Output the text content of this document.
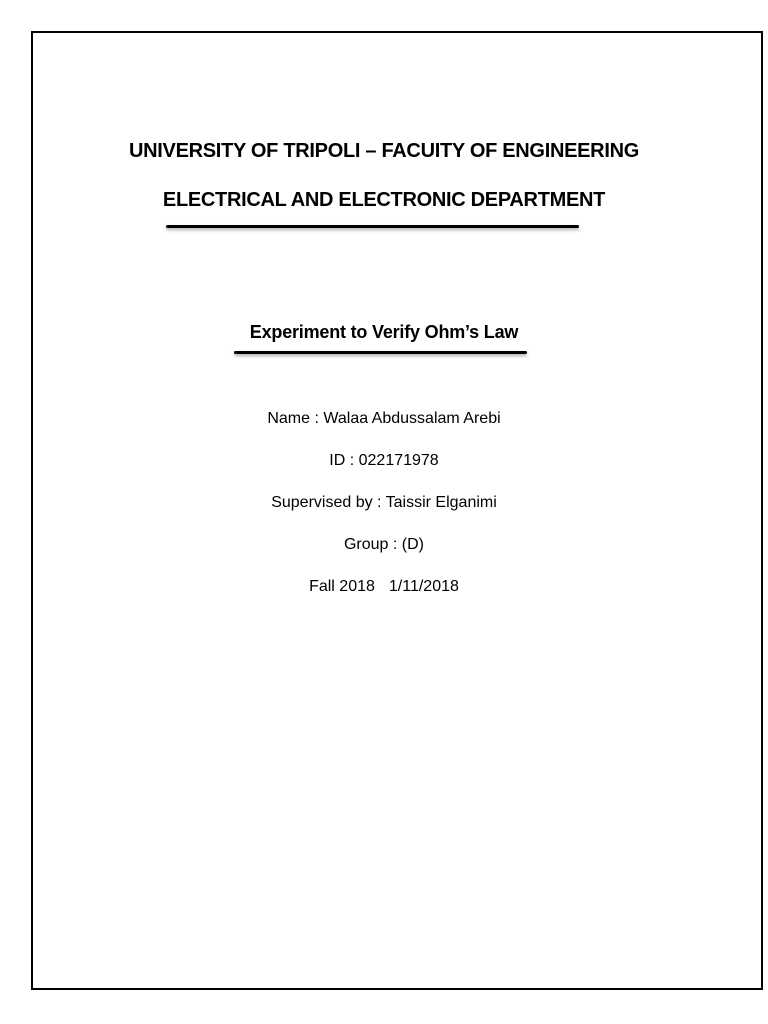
UNIVERSITY OF TRIPOLI – FACUITY OF ENGINEERING
ELECTRICAL AND ELECTRONIC DEPARTMENT
Experiment to Verify Ohm’s Law
Name : Walaa Abdussalam Arebi
ID : 022171978
Supervised by : Taissir Elganimi
Group : (D)
Fall 2018 1/11/2018
